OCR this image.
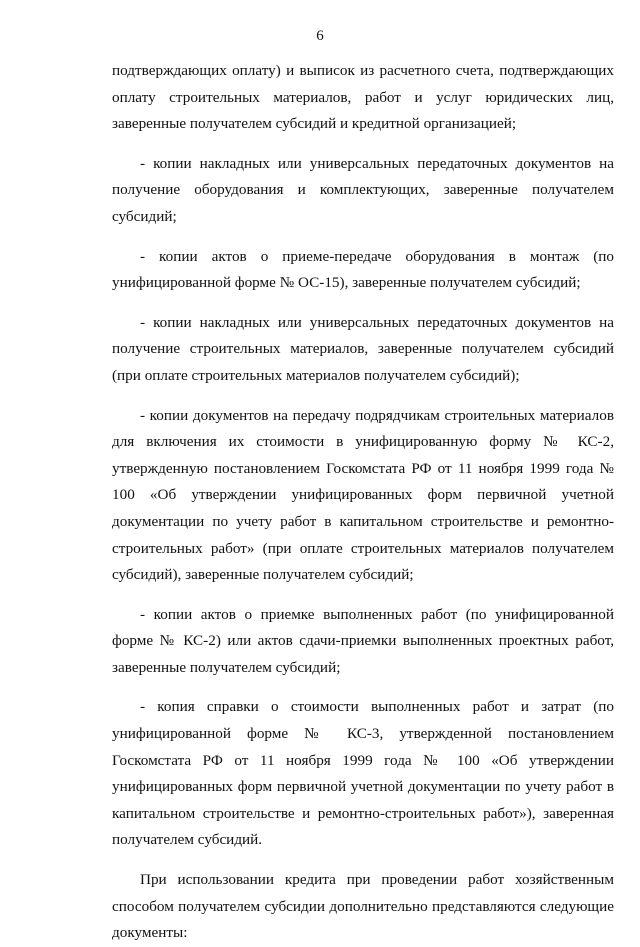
6

подтверждающих оплату) и выписок из расчетного счета, подтверждающих оплату строительных материалов, работ и услуг юридических лиц, заверенные получателем субсидий и кредитной организацией;

- копии накладных или универсальных передаточных документов на получение оборудования и комплектующих, заверенные получателем субсидий;

- копии актов о приеме-передаче оборудования в монтаж (по унифицированной форме № ОС-15), заверенные получателем субсидий;

- копии накладных или универсальных передаточных документов на получение строительных материалов, заверенные получателем субсидий (при оплате строительных материалов получателем субсидий);

- копии документов на передачу подрядчикам строительных материалов для включения их стоимости в унифицированную форму № КС-2, утвержденную постановлением Госкомстата РФ от 11 ноября 1999 года № 100 «Об утверждении унифицированных форм первичной учетной документации по учету работ в капитальном строительстве и ремонтно-строительных работ» (при оплате строительных материалов получателем субсидий), заверенные получателем субсидий;

- копии актов о приемке выполненных работ (по унифицированной форме № КС-2) или актов сдачи-приемки выполненных проектных работ, заверенные получателем субсидий;

- копия справки о стоимости выполненных работ и затрат (по унифицированной форме № КС-3, утвержденной постановлением Госкомстата РФ от 11 ноября 1999 года № 100 «Об утверждении унифицированных форм первичной учетной документации по учету работ в капитальном строительстве и ремонтно-строительных работ»), заверенная получателем субсидий.

При использовании кредита при проведении работ хозяйственным способом получателем субсидии дополнительно представляются следующие документы:
